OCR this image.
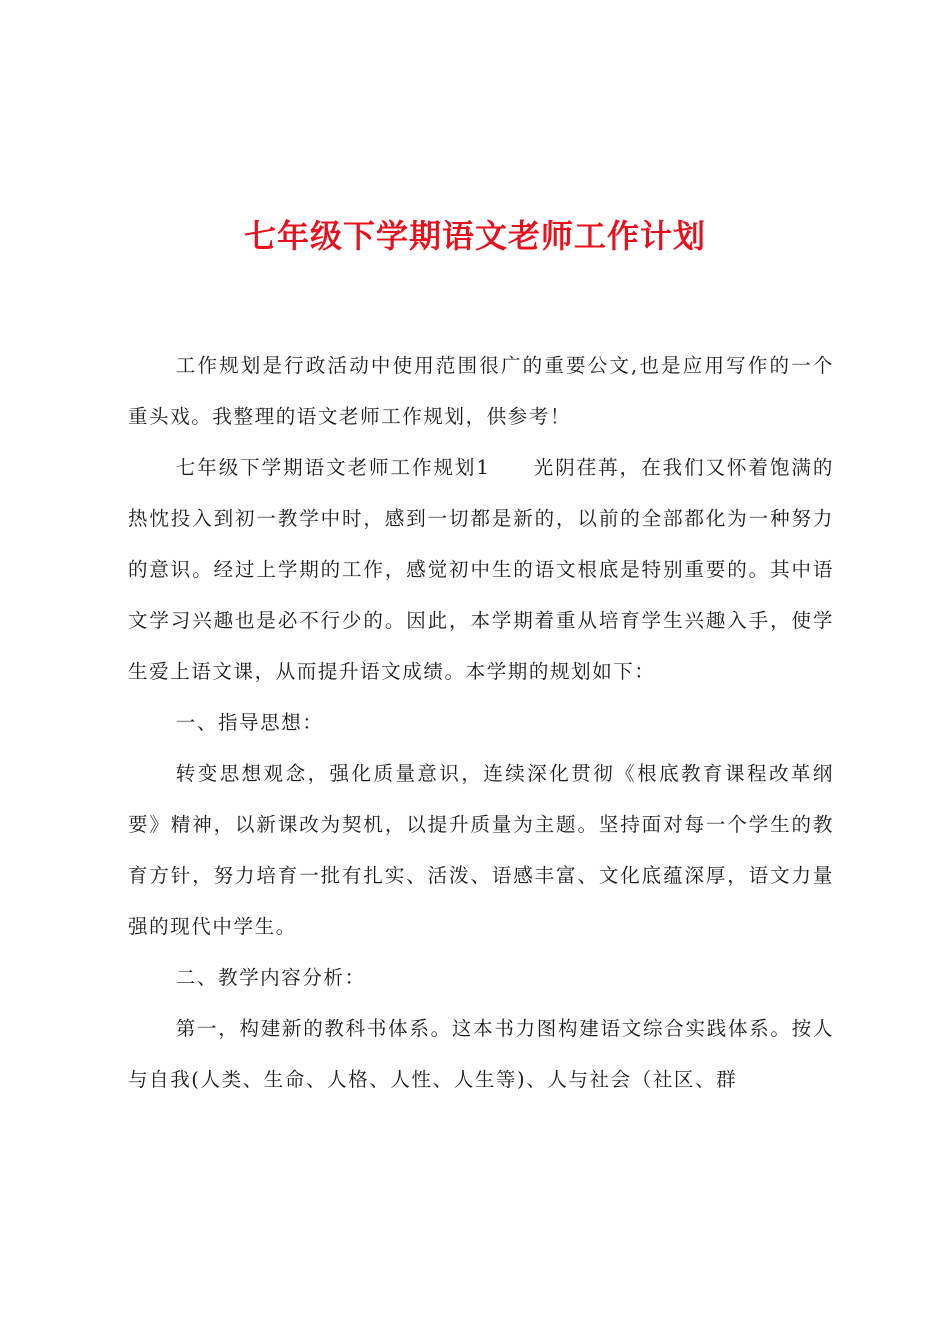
七年级下学期语文老师工作计划

工作规划是行政活动中使用范围很广的重要公文,也是应用写作的一个重头戏。我整理的语文老师工作规划，供参考！

七年级下学期语文老师工作规划1　　光阴荏苒，在我们又怀着饱满的热忱投入到初一教学中时，感到一切都是新的，以前的全部都化为一种努力的意识。经过上学期的工作，感觉初中生的语文根底是特别重要的。其中语文学习兴趣也是必不行少的。因此，本学期着重从培育学生兴趣入手，使学生爱上语文课，从而提升语文成绩。本学期的规划如下：

一、指导思想：

转变思想观念，强化质量意识，连续深化贯彻《根底教育课程改革纲要》精神，以新课改为契机，以提升质量为主题。坚持面对每一个学生的教育方针，努力培育一批有扎实、活泼、语感丰富、文化底蕴深厚，语文力量强的现代中学生。

二、教学内容分析：

第一，构建新的教科书体系。这本书力图构建语文综合实践体系。按人与自我(人类、生命、人格、人性、人生等)、人与社会（社区、群
